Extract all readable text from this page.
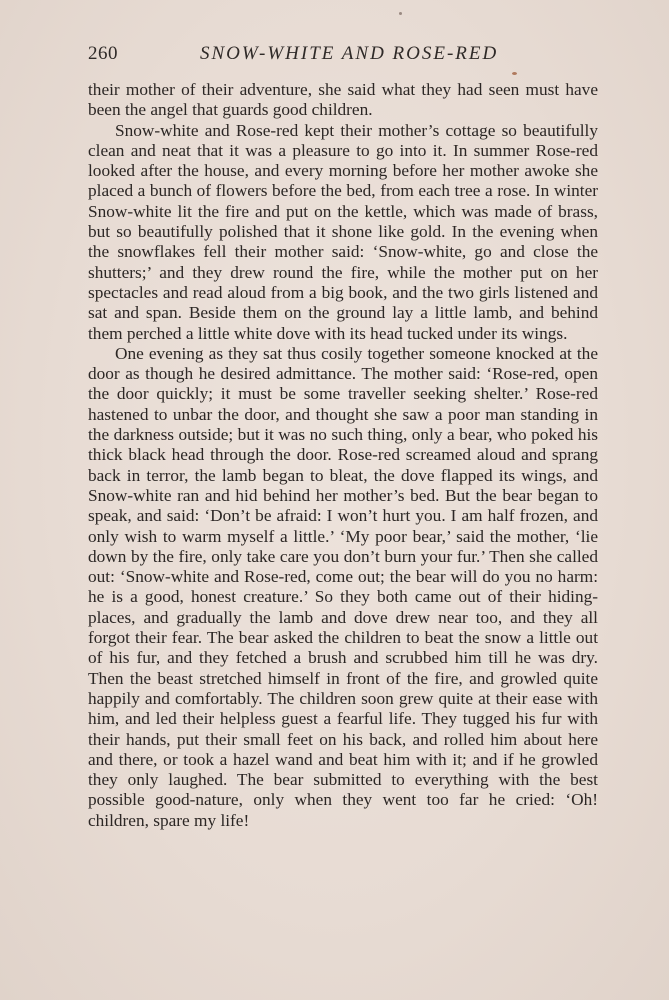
260	SNOW-WHITE AND ROSE-RED

their mother of their adventure, she said what they had seen must have been the angel that guards good children.

Snow-white and Rose-red kept their mother’s cottage so beautifully clean and neat that it was a pleasure to go into it. In summer Rose-red looked after the house, and every morning before her mother awoke she placed a bunch of flowers before the bed, from each tree a rose. In winter Snow-white lit the fire and put on the kettle, which was made of brass, but so beautifully polished that it shone like gold. In the evening when the snowflakes fell their mother said: ‘Snow-white, go and close the shutters;’ and they drew round the fire, while the mother put on her spectacles and read aloud from a big book, and the two girls listened and sat and span. Beside them on the ground lay a little lamb, and behind them perched a little white dove with its head tucked under its wings.

One evening as they sat thus cosily together someone knocked at the door as though he desired admittance. The mother said: ‘Rose-red, open the door quickly; it must be some traveller seeking shelter.’ Rose-red hastened to unbar the door, and thought she saw a poor man standing in the darkness outside; but it was no such thing, only a bear, who poked his thick black head through the door. Rose-red screamed aloud and sprang back in terror, the lamb began to bleat, the dove flapped its wings, and Snow-white ran and hid behind her mother’s bed. But the bear began to speak, and said: ‘Don’t be afraid: I won’t hurt you. I am half frozen, and only wish to warm myself a little.’ ‘My poor bear,’ said the mother, ‘lie down by the fire, only take care you don’t burn your fur.’ Then she called out: ‘Snow-white and Rose-red, come out; the bear will do you no harm: he is a good, honest creature.’ So they both came out of their hiding-places, and gradually the lamb and dove drew near too, and they all forgot their fear. The bear asked the children to beat the snow a little out of his fur, and they fetched a brush and scrubbed him till he was dry. Then the beast stretched himself in front of the fire, and growled quite happily and comfortably. The children soon grew quite at their ease with him, and led their helpless guest a fearful life. They tugged his fur with their hands, put their small feet on his back, and rolled him about here and there, or took a hazel wand and beat him with it; and if he growled they only laughed. The bear submitted to everything with the best possible good-nature, only when they went too far he cried: ‘Oh! children, spare my life!
